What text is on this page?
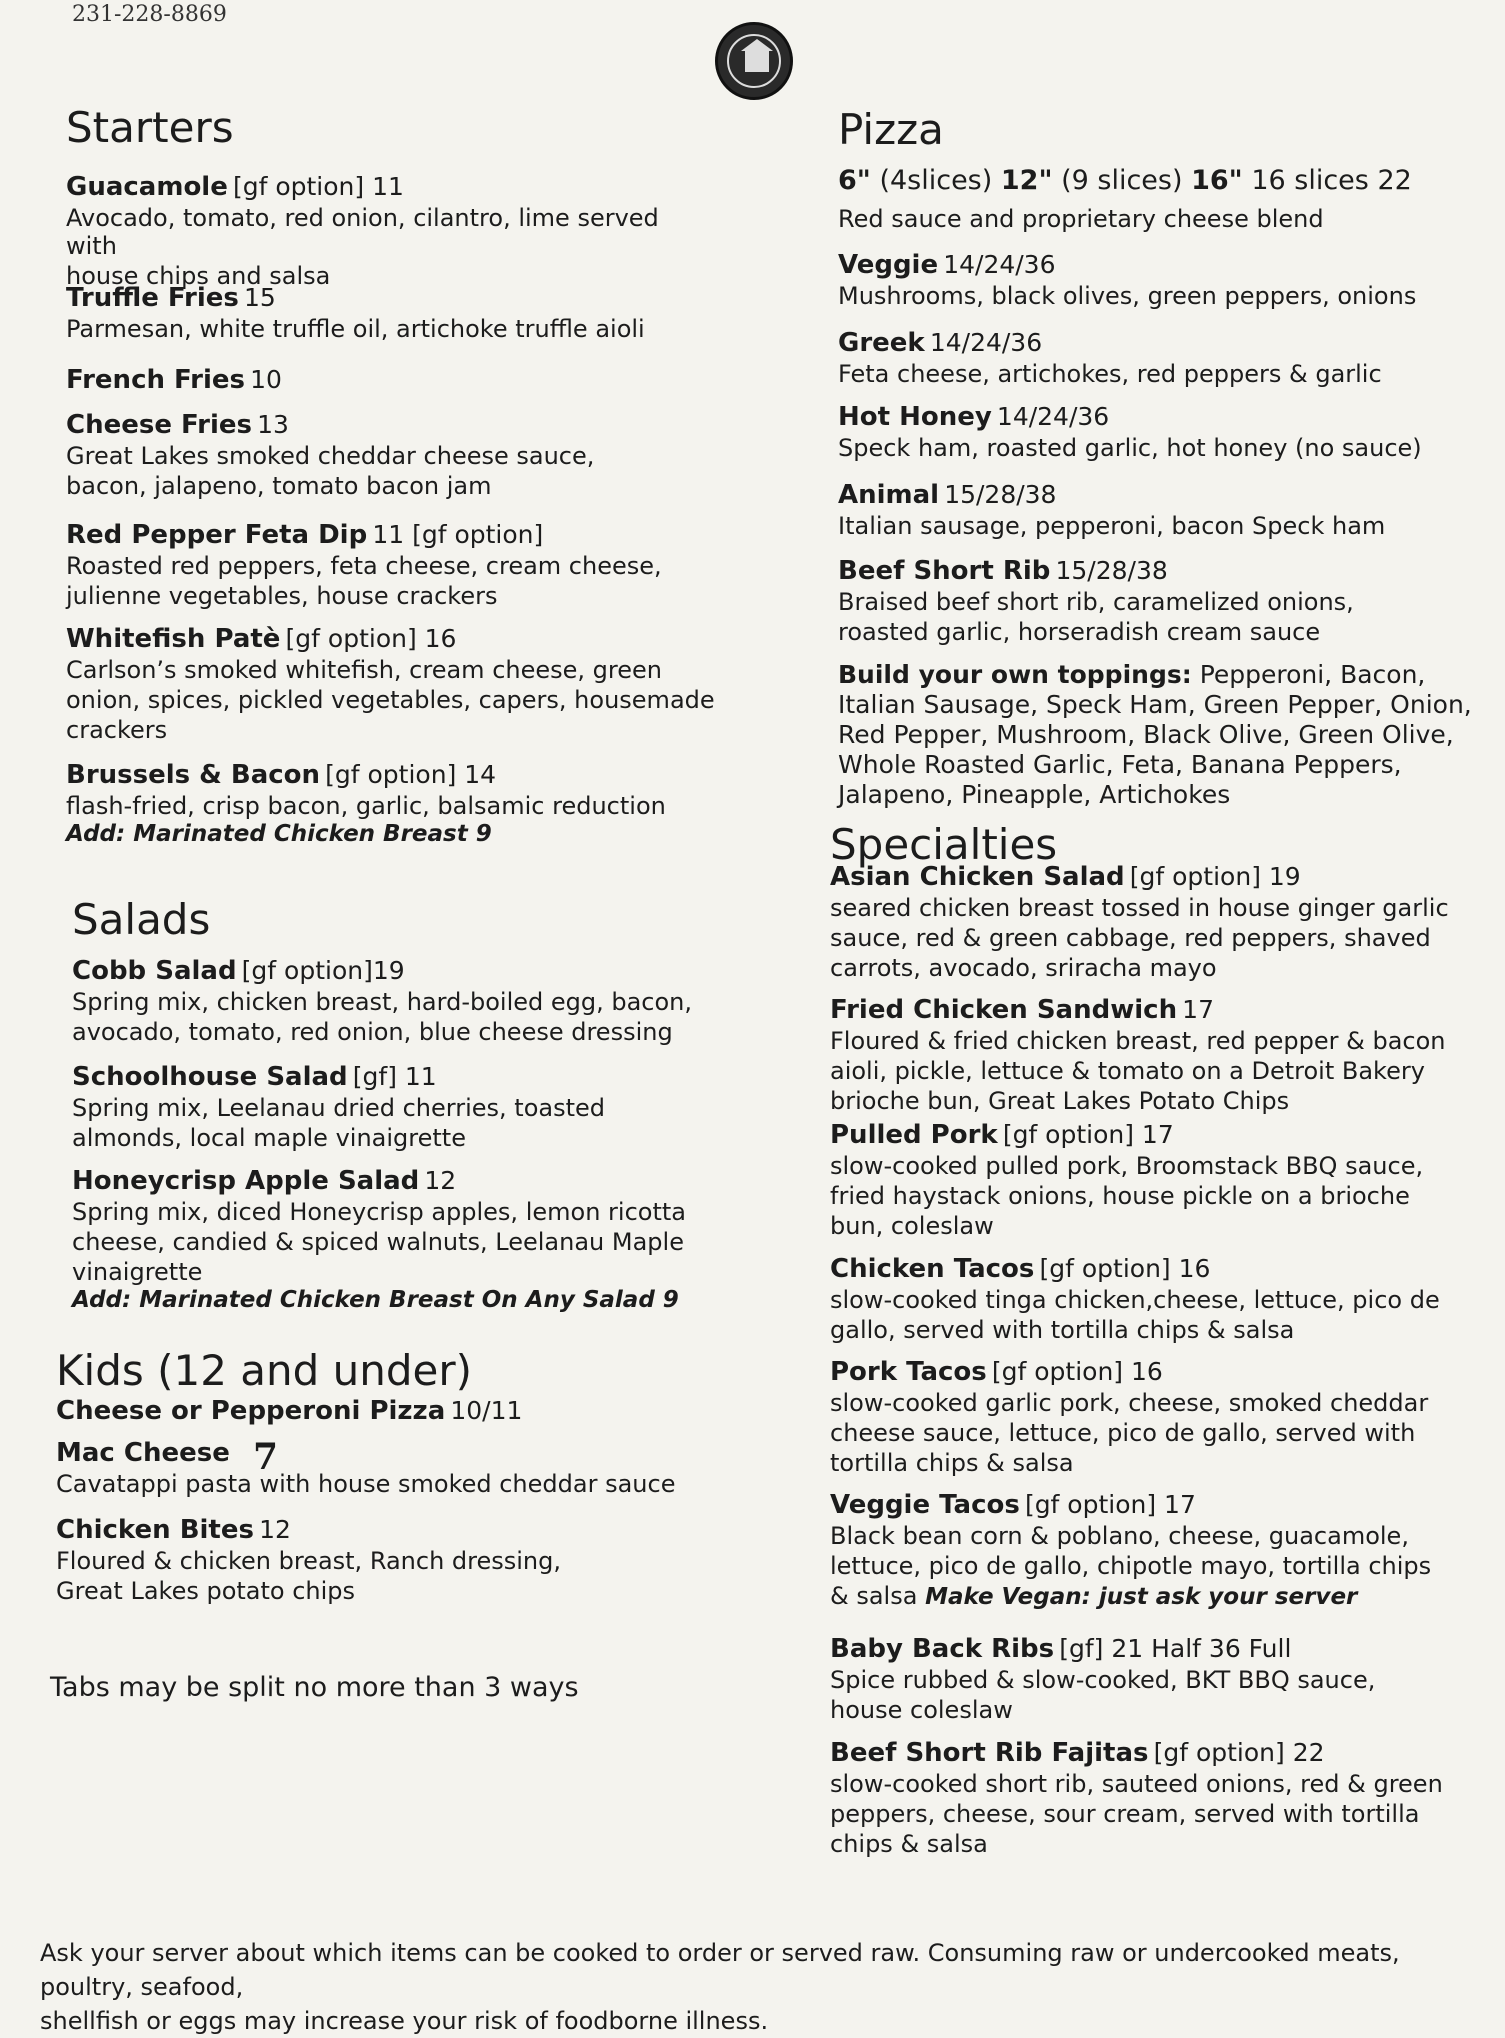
231-228-8869
Starters
Guacamole [gf option] 11
Avocado, tomato, red onion, cilantro, lime served with
house chips and salsa
Truffle Fries 15
Parmesan, white truffle oil, artichoke truffle aioli
French Fries 10
Cheese Fries 13
Great Lakes smoked cheddar cheese sauce,
bacon, jalapeno, tomato bacon jam
Red Pepper Feta Dip 11 [gf option]
Roasted red peppers, feta cheese, cream cheese,
julienne vegetables, house crackers
Whitefish Patè [gf option] 16
Carlson’s smoked whitefish, cream cheese, green
onion, spices, pickled vegetables, capers, housemade
crackers
Brussels & Bacon [gf option] 14
flash-fried, crisp bacon, garlic, balsamic reduction
Add: Marinated Chicken Breast 9
Salads
Cobb Salad [gf option]19
Spring mix, chicken breast, hard-boiled egg, bacon,
avocado, tomato, red onion, blue cheese dressing
Schoolhouse Salad [gf] 11
Spring mix, Leelanau dried cherries, toasted
almonds, local maple vinaigrette
Honeycrisp Apple Salad 12
Spring mix, diced Honeycrisp apples, lemon ricotta
cheese, candied & spiced walnuts, Leelanau Maple
vinaigrette
Add: Marinated Chicken Breast On Any Salad 9
Kids (12 and under)
Cheese or Pepperoni Pizza 10/11
Mac Cheese
Cavatappi pasta with house smoked cheddar sauce
Chicken Bites 12
Floured & chicken breast, Ranch dressing,
Great Lakes potato chips
Specialties
Asian Chicken Salad [gf option] 19
seared chicken breast tossed in house ginger garlic
sauce, red & green cabbage, red peppers, shaved
carrots, avocado, sriracha mayo
Fried Chicken Sandwich 17
Floured & fried chicken breast, red pepper & bacon
aioli, pickle, lettuce & tomato on a Detroit Bakery
brioche bun, Great Lakes Potato Chips
Pulled Pork [gf option] 17
slow-cooked pulled pork, Broomstack BBQ sauce,
fried haystack onions, house pickle on a brioche
bun, coleslaw
Chicken Tacos [gf option] 16
slow-cooked tinga chicken,cheese, lettuce, pico de
gallo, served with tortilla chips & salsa
Pork Tacos [gf option] 16
slow-cooked garlic pork, cheese, smoked cheddar
cheese sauce, lettuce, pico de gallo, served with
tortilla chips & salsa
Veggie Tacos [gf option] 17
Black bean corn & poblano, cheese, guacamole,
lettuce, pico de gallo, chipotle mayo, tortilla chips
& salsa Make Vegan: just ask your server
Baby Back Ribs [gf] 21 Half 36 Full
Spice rubbed & slow-cooked, BKT BBQ sauce,
house coleslaw
Beef Short Rib Fajitas [gf option] 22
slow-cooked short rib, sauteed onions, red & green
peppers, cheese, sour cream, served with tortilla
chips & salsa
Pizza
6" (4slices) 12" (9 slices) 16" 16 slices 22
Red sauce and proprietary cheese blend
Veggie 14/24/36
Mushrooms, black olives, green peppers, onions
Greek 14/24/36
Feta cheese, artichokes, red peppers & garlic
Hot Honey 14/24/36
Speck ham, roasted garlic, hot honey (no sauce)
Animal 15/28/38
Italian sausage, pepperoni, bacon Speck ham
Beef Short Rib 15/28/38
Braised beef short rib, caramelized onions,
roasted garlic, horseradish cream sauce
Build your own toppings: Pepperoni, Bacon,
Italian Sausage, Speck Ham, Green Pepper, Onion,
Red Pepper, Mushroom, Black Olive, Green Olive,
Whole Roasted Garlic, Feta, Banana Peppers,
Jalapeno, Pineapple, Artichokes
7
Tabs may be split no more than 3 ways
Ask your server about which items can be cooked to order or served raw. Consuming raw or undercooked meats, poultry, seafood,
shellfish or eggs may increase your risk of foodborne illness.
